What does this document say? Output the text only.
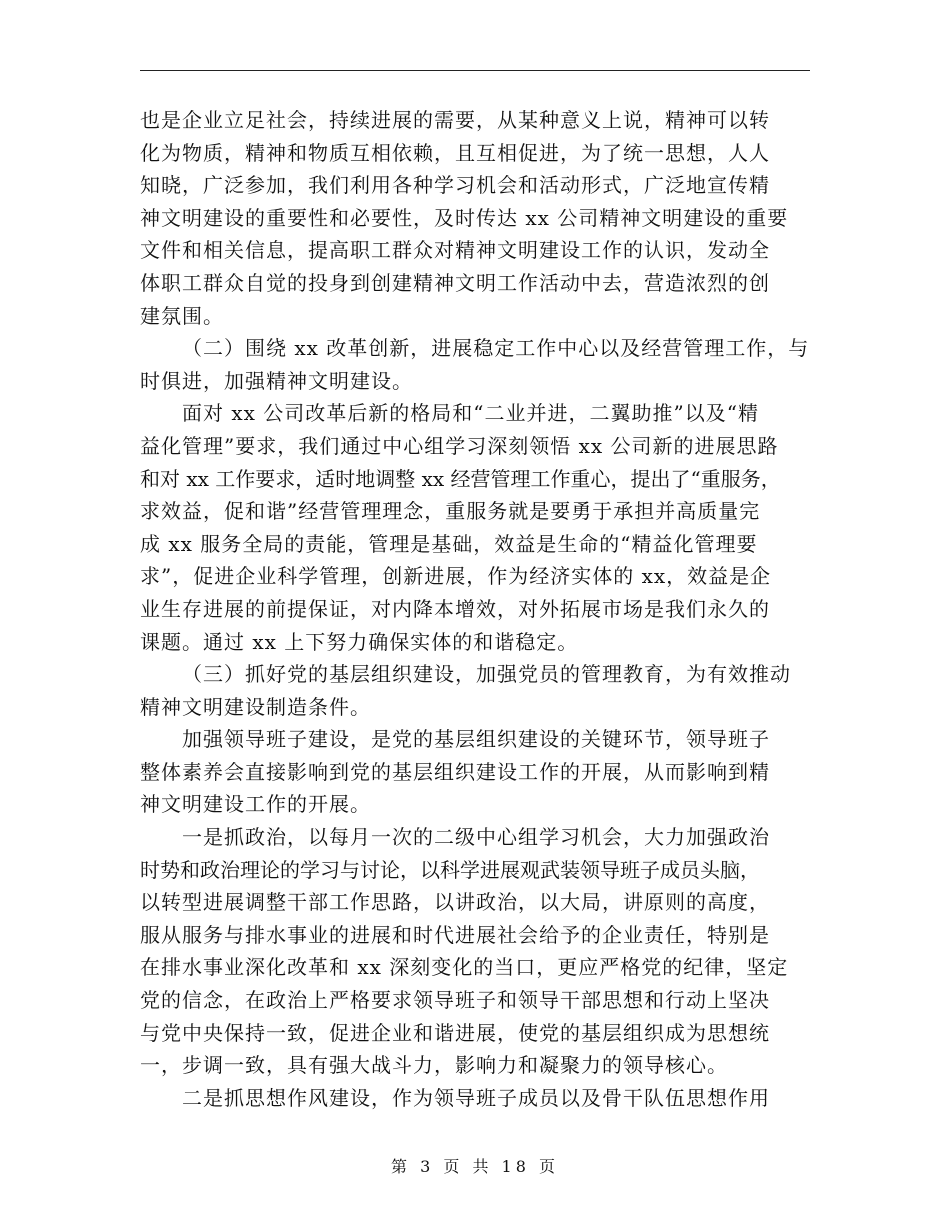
也是企业立足社会，持续进展的需要，从某种意义上说，精神可以转
化为物质，精神和物质互相依赖，且互相促进，为了统一思想，人人
知晓，广泛参加，我们利用各种学习机会和活动形式，广泛地宣传精
神文明建设的重要性和必要性，及时传达 xx 公司精神文明建设的重要
文件和相关信息，提高职工群众对精神文明建设工作的认识，发动全
体职工群众自觉的投身到创建精神文明工作活动中去，营造浓烈的创
建氛围。
（二）围绕 xx 改革创新，进展稳定工作中心以及经营管理工作，与
时俱进，加强精神文明建设。
面对 xx 公司改革后新的格局和“二业并进，二翼助推”以及“精
益化管理”要求，我们通过中心组学习深刻领悟 xx 公司新的进展思路
和对 xx 工作要求，适时地调整 xx 经营管理工作重心，提出了“重服务，
求效益，促和谐”经营管理理念，重服务就是要勇于承担并高质量完
成 xx 服务全局的责能，管理是基础，效益是生命的“精益化管理要
求”，促进企业科学管理，创新进展，作为经济实体的 xx，效益是企
业生存进展的前提保证，对内降本增效，对外拓展市场是我们永久的
课题。通过 xx 上下努力确保实体的和谐稳定。
（三）抓好党的基层组织建设，加强党员的管理教育，为有效推动
精神文明建设制造条件。
加强领导班子建设，是党的基层组织建设的关键环节，领导班子
整体素养会直接影响到党的基层组织建设工作的开展，从而影响到精
神文明建设工作的开展。
一是抓政治，以每月一次的二级中心组学习机会，大力加强政治
时势和政治理论的学习与讨论，以科学进展观武装领导班子成员头脑，
以转型进展调整干部工作思路，以讲政治，以大局，讲原则的高度，
服从服务与排水事业的进展和时代进展社会给予的企业责任，特别是
在排水事业深化改革和 xx 深刻变化的当口，更应严格党的纪律，坚定
党的信念，在政治上严格要求领导班子和领导干部思想和行动上坚决
与党中央保持一致，促进企业和谐进展，使党的基层组织成为思想统
一，步调一致，具有强大战斗力，影响力和凝聚力的领导核心。
二是抓思想作风建设，作为领导班子成员以及骨干队伍思想作用
第 3 页 共 18 页
